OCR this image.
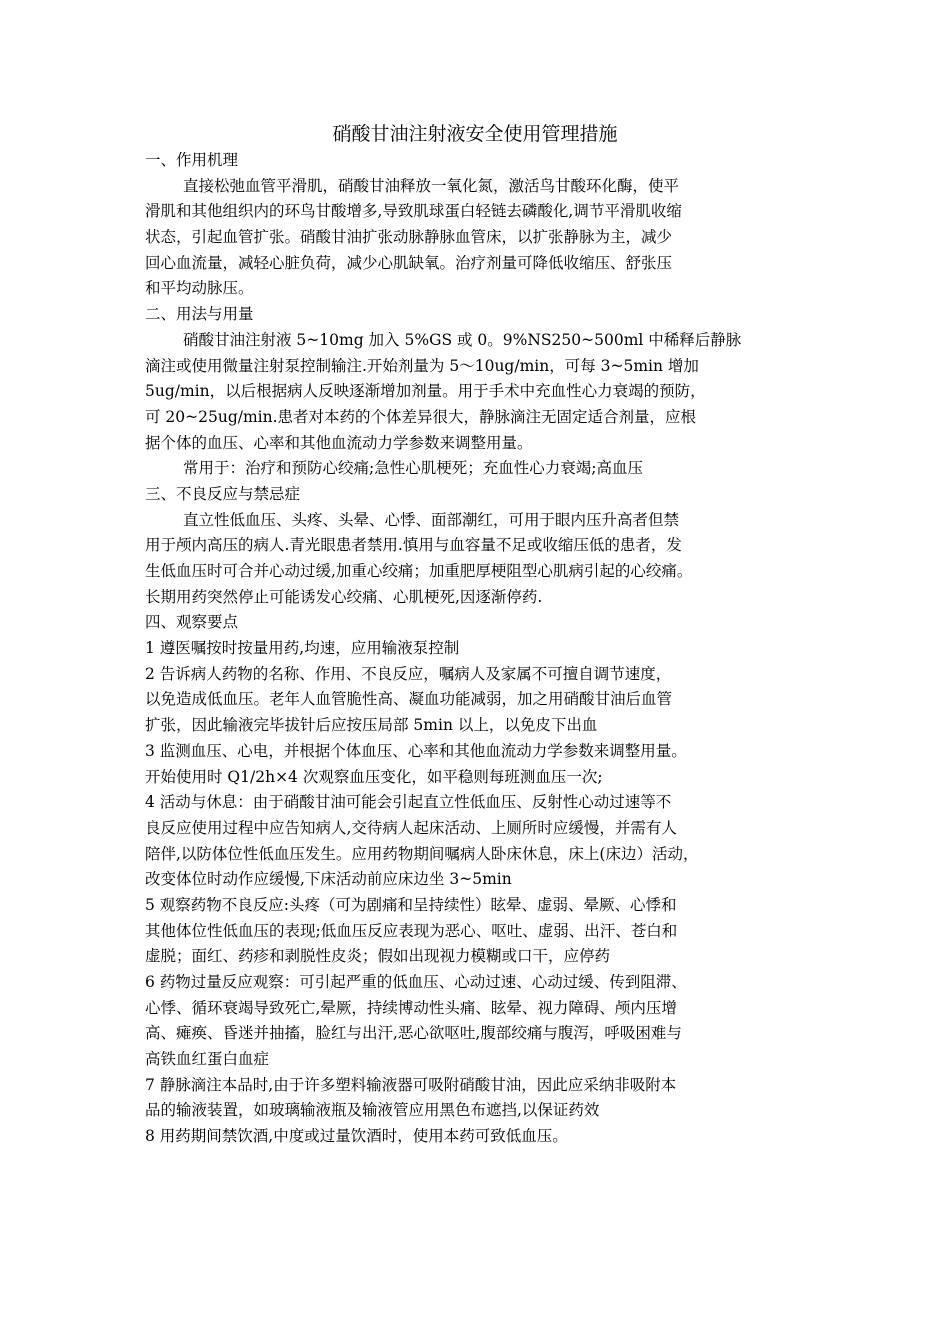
硝酸甘油注射液安全使用管理措施
一、作用机理
直接松弛血管平滑肌，硝酸甘油释放一氧化氮，激活鸟甘酸环化酶，使平
滑肌和其他组织内的环鸟甘酸增多,导致肌球蛋白轻链去磷酸化,调节平滑肌收缩
状态，引起血管扩张。硝酸甘油扩张动脉静脉血管床，以扩张静脉为主，减少
回心血流量，减轻心脏负荷，减少心肌缺氧。治疗剂量可降低收缩压、舒张压
和平均动脉压。
二、用法与用量
硝酸甘油注射液 5~10mg 加入 5%GS 或 0。9%NS250~500ml 中稀释后静脉
滴注或使用微量注射泵控制输注.开始剂量为 5～10ug/min，可每 3~5min 增加
5ug/min，以后根据病人反映逐渐增加剂量。用于手术中充血性心力衰竭的预防，
可 20~25ug/min.患者对本药的个体差异很大，静脉滴注无固定适合剂量，应根
据个体的血压、心率和其他血流动力学参数来调整用量。
常用于：治疗和预防心绞痛;急性心肌梗死；充血性心力衰竭;高血压
三、不良反应与禁忌症
直立性低血压、头疼、头晕、心悸、面部潮红，可用于眼内压升高者但禁
用于颅内高压的病人.青光眼患者禁用.慎用与血容量不足或收缩压低的患者，发
生低血压时可合并心动过缓,加重心绞痛；加重肥厚梗阻型心肌病引起的心绞痛。
长期用药突然停止可能诱发心绞痛、心肌梗死,因逐渐停药.
四、观察要点
1 遵医嘱按时按量用药,均速，应用输液泵控制
2 告诉病人药物的名称、作用、不良反应，嘱病人及家属不可擅自调节速度，
以免造成低血压。老年人血管脆性高、凝血功能减弱，加之用硝酸甘油后血管
扩张，因此输液完毕拔针后应按压局部 5min 以上，以免皮下出血
3 监测血压、心电，并根据个体血压、心率和其他血流动力学参数来调整用量。
开始使用时 Q1/2h×4 次观察血压变化，如平稳则每班测血压一次;
4 活动与休息：由于硝酸甘油可能会引起直立性低血压、反射性心动过速等不
良反应使用过程中应告知病人,交待病人起床活动、上厕所时应缓慢，并需有人
陪伴,以防体位性低血压发生。应用药物期间嘱病人卧床休息，床上(床边）活动，
改变体位时动作应缓慢,下床活动前应床边坐 3~5min
5 观察药物不良反应:头疼（可为剧痛和呈持续性）眩晕、虚弱、晕厥、心悸和
其他体位性低血压的表现;低血压反应表现为恶心、呕吐、虚弱、出汗、苍白和
虚脱；面红、药疹和剥脱性皮炎；假如出现视力模糊或口干，应停药
6 药物过量反应观察：可引起严重的低血压、心动过速、心动过缓、传到阻滞、
心悸、循环衰竭导致死亡,晕厥，持续博动性头痛、眩晕、视力障碍、颅内压增
高、瘫痪、昏迷并抽搐，脸红与出汗,恶心欲呕吐,腹部绞痛与腹泻，呼吸困难与
高铁血红蛋白血症
7 静脉滴注本品时,由于许多塑料输液器可吸附硝酸甘油，因此应采纳非吸附本
品的输液装置，如玻璃输液瓶及输液管应用黑色布遮挡,以保证药效
8 用药期间禁饮酒,中度或过量饮酒时，使用本药可致低血压。
